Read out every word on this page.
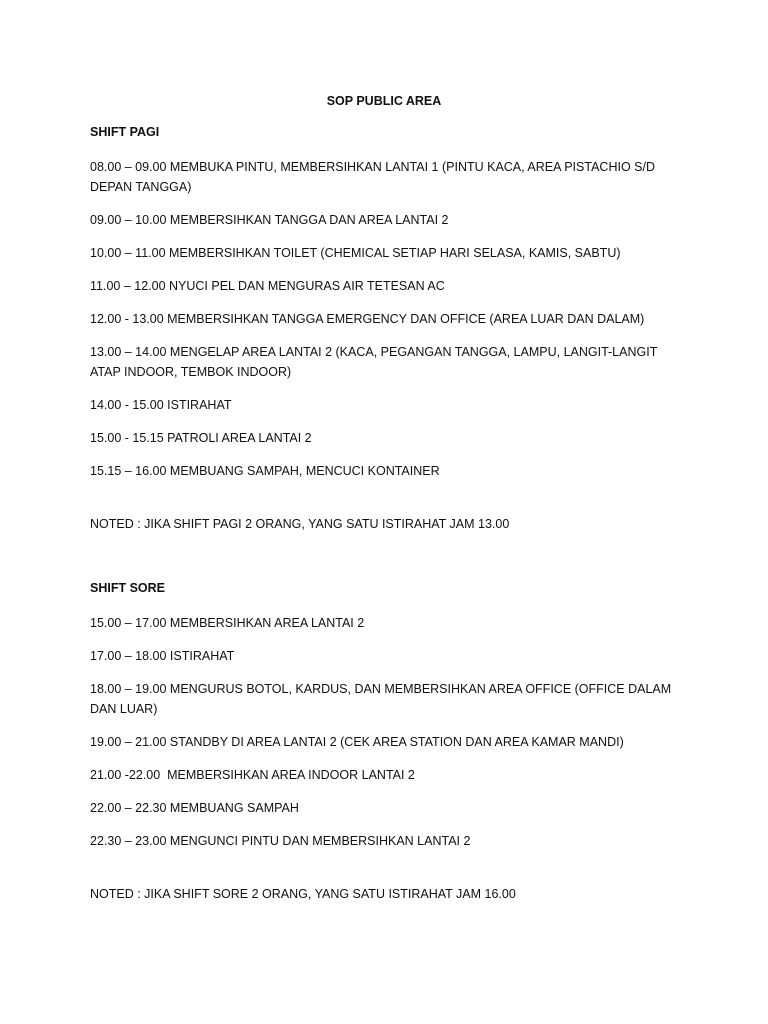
SOP PUBLIC AREA
SHIFT PAGI
08.00 – 09.00 MEMBUKA PINTU, MEMBERSIHKAN LANTAI 1 (PINTU KACA, AREA PISTACHIO S/D DEPAN TANGGA)
09.00 – 10.00 MEMBERSIHKAN TANGGA DAN AREA LANTAI 2
10.00 – 11.00 MEMBERSIHKAN TOILET (CHEMICAL SETIAP HARI SELASA, KAMIS, SABTU)
11.00 – 12.00 NYUCI PEL DAN MENGURAS AIR TETESAN AC
12.00 - 13.00 MEMBERSIHKAN TANGGA EMERGENCY DAN OFFICE (AREA LUAR DAN DALAM)
13.00 – 14.00 MENGELAP AREA LANTAI 2 (KACA, PEGANGAN TANGGA, LAMPU, LANGIT-LANGIT ATAP INDOOR, TEMBOK INDOOR)
14.00 - 15.00 ISTIRAHAT
15.00 - 15.15 PATROLI AREA LANTAI 2
15.15 – 16.00 MEMBUANG SAMPAH, MENCUCI KONTAINER
NOTED : JIKA SHIFT PAGI 2 ORANG, YANG SATU ISTIRAHAT JAM 13.00
SHIFT SORE
15.00 – 17.00 MEMBERSIHKAN AREA LANTAI 2
17.00 – 18.00 ISTIRAHAT
18.00 – 19.00 MENGURUS BOTOL, KARDUS, DAN MEMBERSIHKAN AREA OFFICE (OFFICE DALAM DAN LUAR)
19.00 – 21.00 STANDBY DI AREA LANTAI 2 (CEK AREA STATION DAN AREA KAMAR MANDI)
21.00 -22.00  MEMBERSIHKAN AREA INDOOR LANTAI 2
22.00 – 22.30 MEMBUANG SAMPAH
22.30 – 23.00 MENGUNCI PINTU DAN MEMBERSIHKAN LANTAI 2
NOTED : JIKA SHIFT SORE 2 ORANG, YANG SATU ISTIRAHAT JAM 16.00
